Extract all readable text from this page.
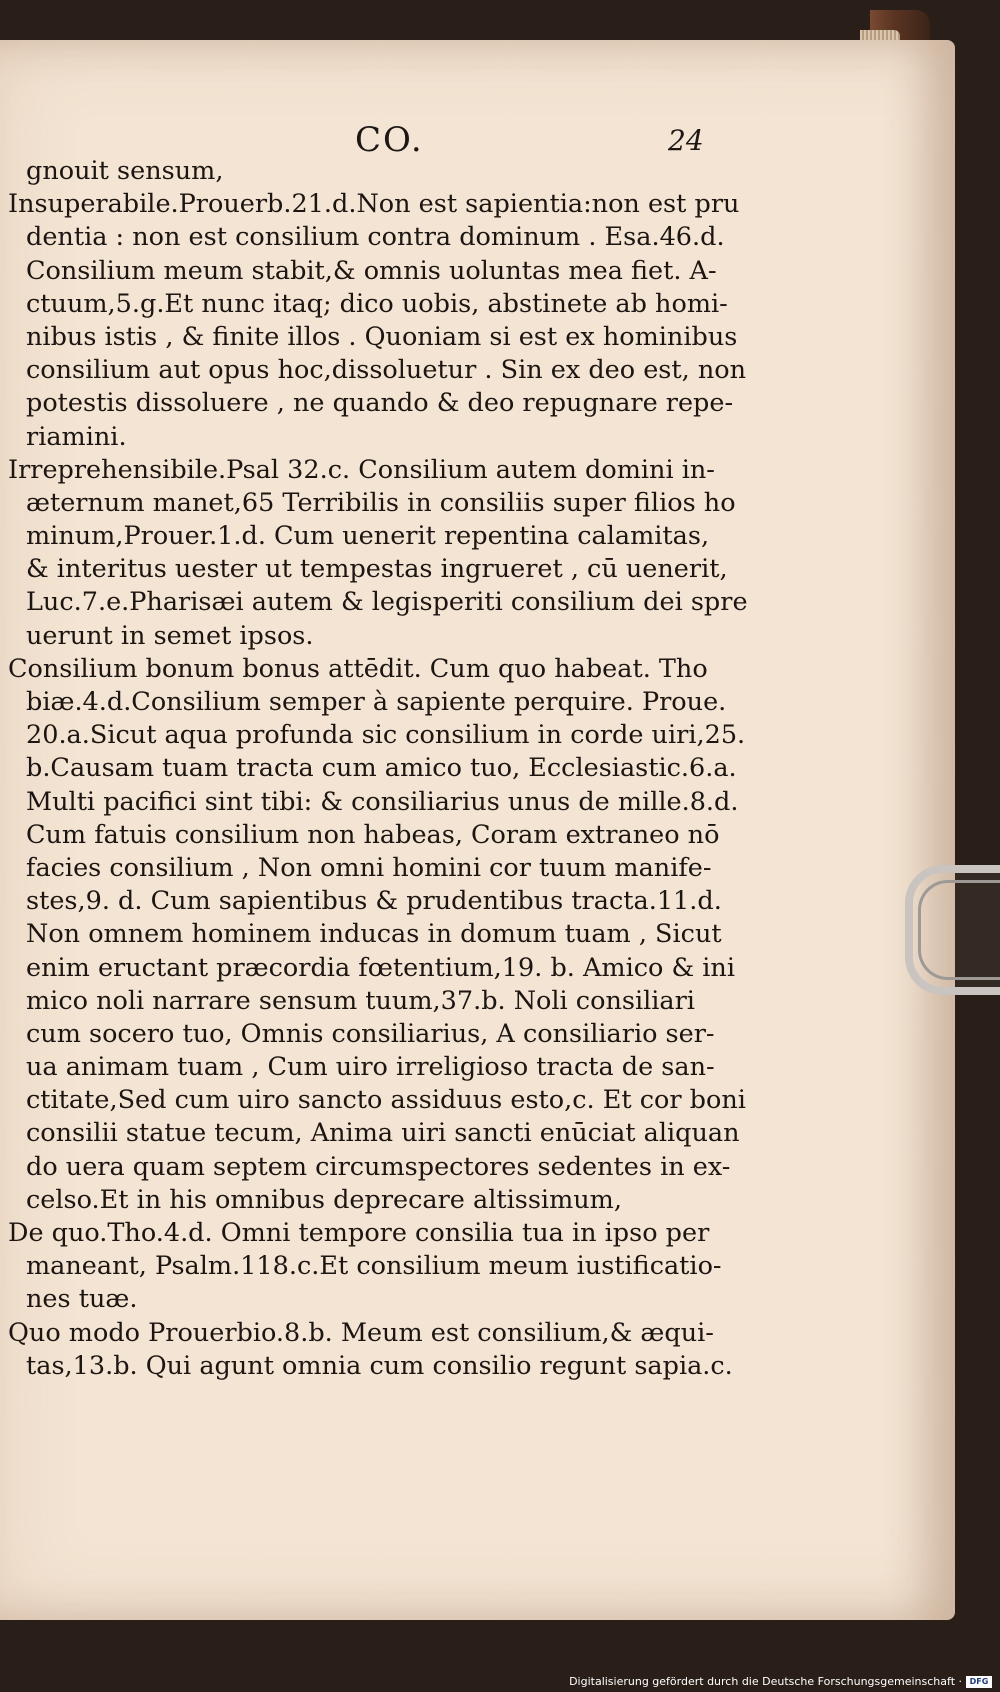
CO.	24
gnouit sensum,
Insuperabile.Prouerb.21.d.Non est sapientia:non est pru
dentia : non est consilium contra dominum . Esa.46.d.
Consilium meum stabit,& omnis uoluntas mea fiet. A-
ctuum,5.g.Et nunc itaq; dico uobis, abstinete ab homi-
nibus istis , & finite illos . Quoniam si est ex hominibus
consilium aut opus hoc,dissoluetur . Sin ex deo est, non
potestis dissoluere , ne quando & deo repugnare repe-
riamini.
Irreprehensibile.Psal 32.c. Consilium autem domini in-
æternum manet,65 Terribilis in consiliis super filios ho
minum,Prouer.1.d. Cum uenerit repentina calamitas,
& interitus uester ut tempestas ingrueret , cū uenerit,
Luc.7.e.Pharisæi autem & legisperiti consilium dei spre
uerunt in semet ipsos.
Consilium bonum bonus attēdit. Cum quo habeat. Tho
biæ.4.d.Consilium semper à sapiente perquire. Proue.
20.a.Sicut aqua profunda sic consilium in corde uiri,25.
b.Causam tuam tracta cum amico tuo, Ecclesiastic.6.a.
Multi pacifici sint tibi: & consiliarius unus de mille.8.d.
Cum fatuis consilium non habeas, Coram extraneo nō
facies consilium , Non omni homini cor tuum manife-
stes,9. d. Cum sapientibus & prudentibus tracta.11.d.
Non omnem hominem inducas in domum tuam , Sicut
enim eructant præcordia fœtentium,19. b. Amico & ini
mico noli narrare sensum tuum,37.b. Noli consiliari
cum socero tuo, Omnis consiliarius, A consiliario ser-
ua animam tuam , Cum uiro irreligioso tracta de san-
ctitate,Sed cum uiro sancto assiduus esto,c. Et cor boni
consilii statue tecum, Anima uiri sancti enūciat aliquan
do uera quam septem circumspectores sedentes in ex-
celso.Et in his omnibus deprecare altissimum,
De quo.Tho.4.d. Omni tempore consilia tua in ipso per
maneant, Psalm.118.c.Et consilium meum iustificatio-
nes tuæ.
Quo modo Prouerbio.8.b. Meum est consilium,& æqui-
tas,13.b. Qui agunt omnia cum consilio regunt sapia.c.
Digitalisierung gefördert durch die Deutsche Forschungsgemeinschaft · DFG
